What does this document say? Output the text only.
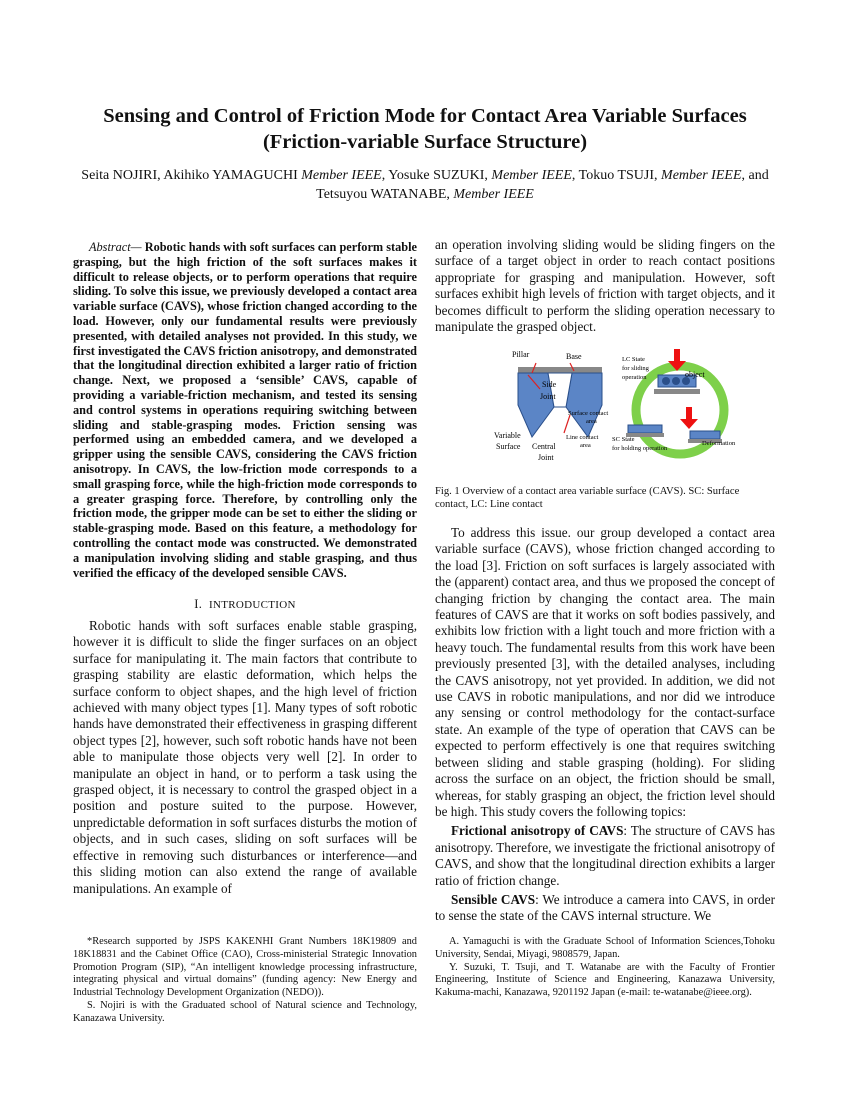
Sensing and Control of Friction Mode for Contact Area Variable Surfaces (Friction-variable Surface Structure)
Seita NOJIRI, Akihiko YAMAGUCHI Member IEEE, Yosuke SUZUKI, Member IEEE, Tokuo TSUJI, Member IEEE, and Tetsuyou WATANABE, Member IEEE

Abstract— Robotic hands with soft surfaces can perform stable grasping, but the high friction of the soft surfaces makes it difficult to release objects, or to perform operations that require sliding. To solve this issue, we previously developed a contact area variable surface (CAVS), whose friction changed according to the load. However, only our fundamental results were previously presented, with detailed analyses not provided. In this study, we first investigated the CAVS friction anisotropy, and demonstrated that the longitudinal direction exhibited a larger ratio of friction change. Next, we proposed a ‘sensible’ CAVS, capable of providing a variable-friction mechanism, and tested its sensing and control systems in operations requiring switching between sliding and stable-grasping modes. Friction sensing was performed using an embedded camera, and we developed a gripper using the sensible CAVS, considering the CAVS friction anisotropy. In CAVS, the low-friction mode corresponds to a small grasping force, while the high-friction mode corresponds to a greater grasping force. Therefore, by controlling only the friction mode, the gripper mode can be set to either the sliding or stable-grasping mode. Based on this feature, a methodology for controlling the contact mode was constructed. We demonstrated a manipulation involving sliding and stable grasping, and thus verified the efficacy of the developed sensible CAVS.

I. INTRODUCTION

Robotic hands with soft surfaces enable stable grasping, however it is difficult to slide the finger surfaces on an object surface for manipulating it. The main factors that contribute to grasping stability are elastic deformation, which helps the surface conform to object shapes, and the high level of friction achieved with many object types [1]. Many types of soft robotic hands have demonstrated their effectiveness in grasping different object types [2], however, such soft robotic hands have not been able to manipulate those objects very well [2]. In order to manipulate an object in hand, or to perform a task using the grasped object, it is necessary to control the grasped object in a position and posture suited to the purpose. However, unpredictable deformation in soft surfaces disturbs the motion of objects, and in such cases, sliding on soft surfaces will be effective in removing such disturbances or interference—and this sliding motion can also extend the range of available manipulations. An example of

an operation involving sliding would be sliding fingers on the surface of a target object in order to reach contact positions appropriate for grasping and manipulation. However, soft surfaces exhibit high levels of friction with target objects, and it becomes difficult to perform the sliding operation necessary to manipulate the grasped object.

Pillar	Base
Side
Joint
Surface contact
area
Variable
Surface Central
Joint
Line contact
area
LC State
for sliding
operation	object
SC State
for holding operation
Deformation
Fig. 1 Overview of a contact area variable surface (CAVS). SC: Surface contact, LC: Line contact

To address this issue. our group developed a contact area variable surface (CAVS), whose friction changed according to the load [3]. Friction on soft surfaces is largely associated with the (apparent) contact area, and thus we proposed the concept of changing friction by changing the contact area. The main features of CAVS are that it works on soft bodies passively, and exhibits low friction with a light touch and more friction with a heavy touch. The fundamental results from this work have been previously presented [3], with the detailed analyses, including the CAVS anisotropy, not yet provided. In addition, we did not use CAVS in robotic manipulations, and nor did we introduce any sensing or control methodology for the contact-surface state. An example of the type of operation that CAVS can be expected to perform effectively is one that requires switching between sliding and stable grasping (holding). For sliding across the surface on an object, the friction should be small, whereas, for stably grasping an object, the friction level should be high. This study covers the following topics:

Frictional anisotropy of CAVS: The structure of CAVS has anisotropy. Therefore, we investigate the frictional anisotropy of CAVS, and show that the longitudinal direction exhibits a larger ratio of friction change.

Sensible CAVS: We introduce a camera into CAVS, in order to sense the state of the CAVS internal structure. We

*Research supported by JSPS KAKENHI Grant Numbers 18K19809 and 18K18831 and the Cabinet Office (CAO), Cross-ministerial Strategic Innovation Promotion Program (SIP), “An intelligent knowledge processing infrastructure, integrating physical and virtual domains” (funding agency: New Energy and Industrial Technology Development Organization (NEDO)).

S. Nojiri is with the Graduated school of Natural science and Technology, Kanazawa University.

A. Yamaguchi is with the Graduate School of Information Sciences,Tohoku University, Sendai, Miyagi, 9808579, Japan.

Y. Suzuki, T. Tsuji, and T. Watanabe are with the Faculty of Frontier Engineering, Institute of Science and Engineering, Kanazawa University, Kakuma-machi, Kanazawa, 9201192 Japan (e-mail: te-watanabe@ieee.org).
